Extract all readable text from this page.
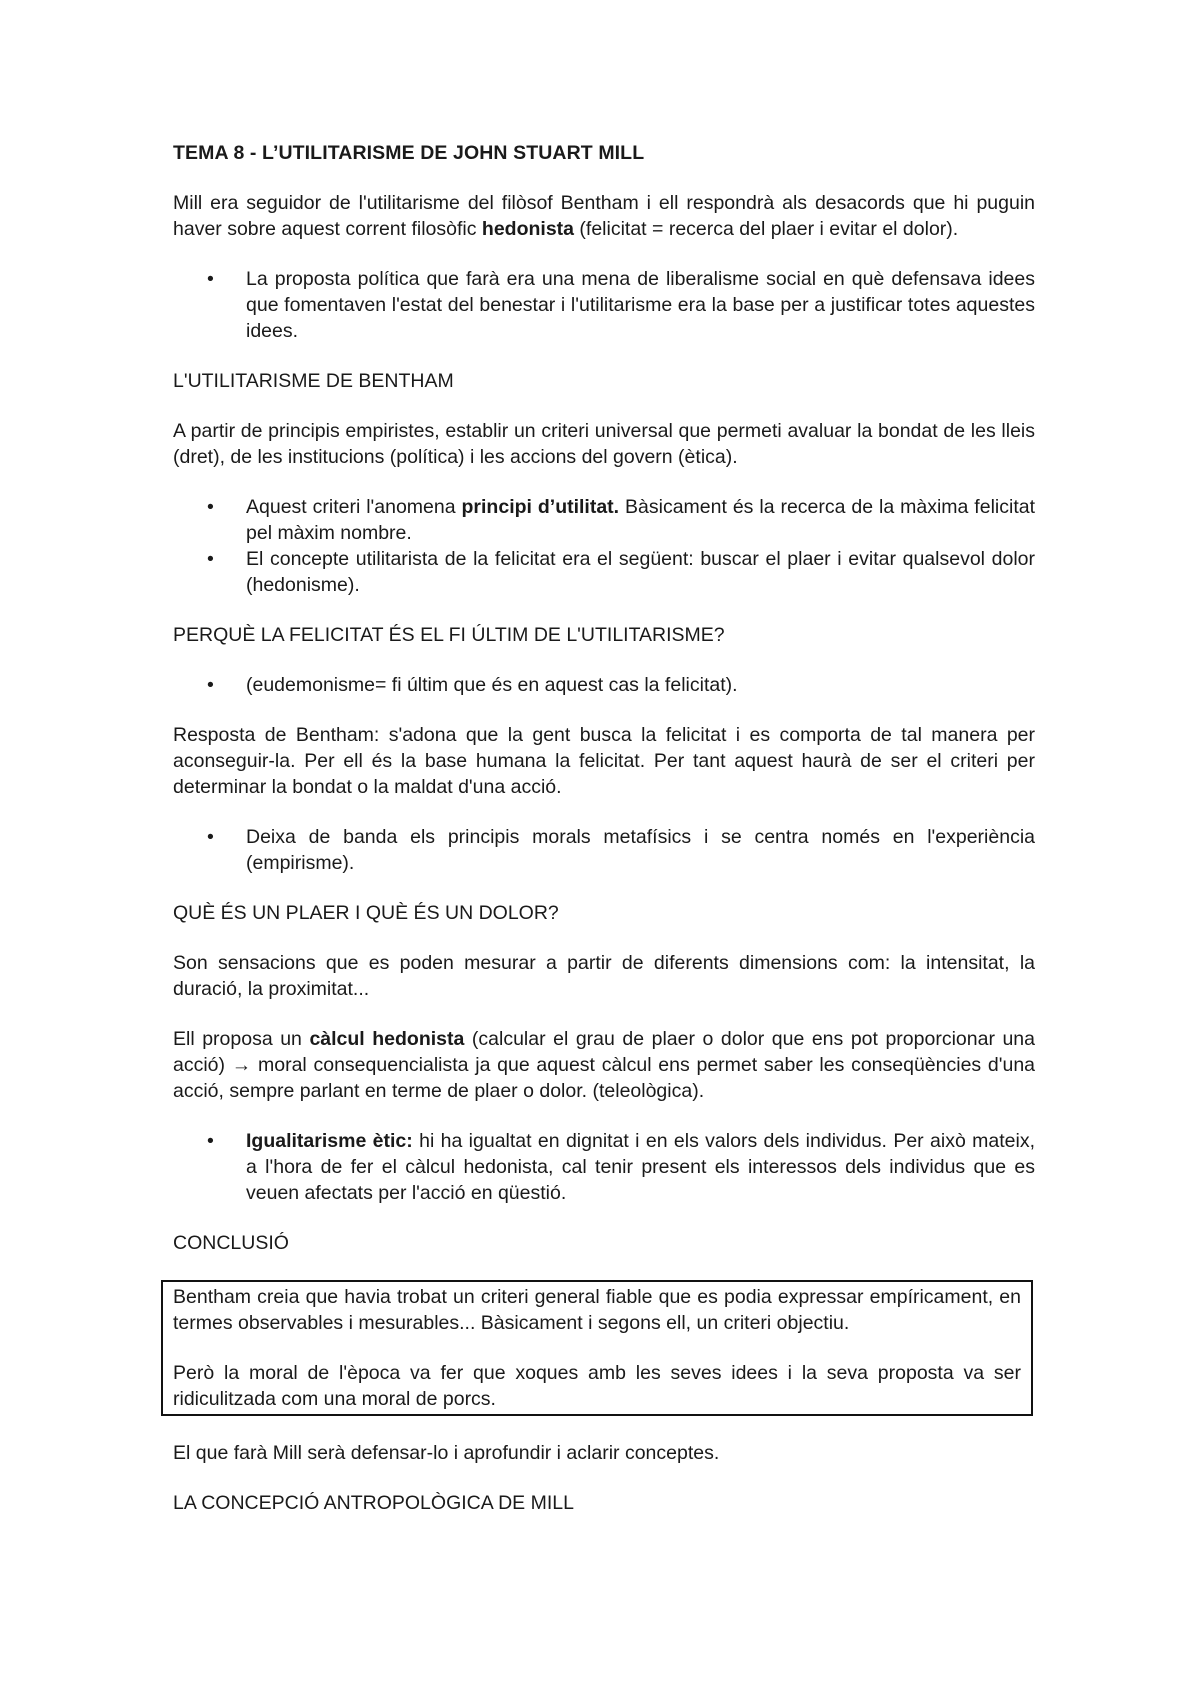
TEMA 8 - L’UTILITARISME DE JOHN STUART MILL

Mill era seguidor de l'utilitarisme del filòsof Bentham i ell respondrà als desacords que hi puguin haver sobre aquest corrent filosòfic hedonista (felicitat = recerca del plaer i evitar el dolor).

• La proposta política que farà era una mena de liberalisme social en què defensava idees que fomentaven l'estat del benestar i l'utilitarisme era la base per a justificar totes aquestes idees.
L'UTILITARISME DE BENTHAM

A partir de principis empiristes, establir un criteri universal que permeti avaluar la bondat de les lleis (dret), de les institucions (política) i les accions del govern (ètica).

• Aquest criteri l'anomena principi d’utilitat. Bàsicament és la recerca de la màxima felicitat pel màxim nombre.
• El concepte utilitarista de la felicitat era el següent: buscar el plaer i evitar qualsevol dolor (hedonisme).
PERQUÈ LA FELICITAT ÉS EL FI ÚLTIM DE L'UTILITARISME?
• (eudemonisme= fi últim que és en aquest cas la felicitat).

Resposta de Bentham: s'adona que la gent busca la felicitat i es comporta de tal manera per aconseguir-la. Per ell és la base humana la felicitat. Per tant aquest haurà de ser el criteri per determinar la bondat o la maldat d'una acció.

• Deixa de banda els principis morals metafísics i se centra només en l'experiència (empirisme).
QUÈ ÉS UN PLAER I QUÈ ÉS UN DOLOR?

Son sensacions que es poden mesurar a partir de diferents dimensions com: la intensitat, la duració, la proximitat...

Ell proposa un càlcul hedonista (calcular el grau de plaer o dolor que ens pot proporcionar una acció) → moral consequencialista ja que aquest càlcul ens permet saber les conseqüències d'una acció, sempre parlant en terme de plaer o dolor. (teleològica).

• Igualitarisme ètic: hi ha igualtat en dignitat i en els valors dels individus. Per això mateix, a l'hora de fer el càlcul hedonista, cal tenir present els interessos dels individus que es veuen afectats per l'acció en qüestió.
CONCLUSIÓ

Bentham creia que havia trobat un criteri general fiable que es podia expressar empíricament, en termes observables i mesurables... Bàsicament i segons ell, un criteri objectiu.

Però la moral de l'època va fer que xoques amb les seves idees i la seva proposta va ser ridiculitzada com una moral de porcs.

El que farà Mill serà defensar-lo i aprofundir i aclarir conceptes.

LA CONCEPCIÓ ANTROPOLÒGICA DE MILL
